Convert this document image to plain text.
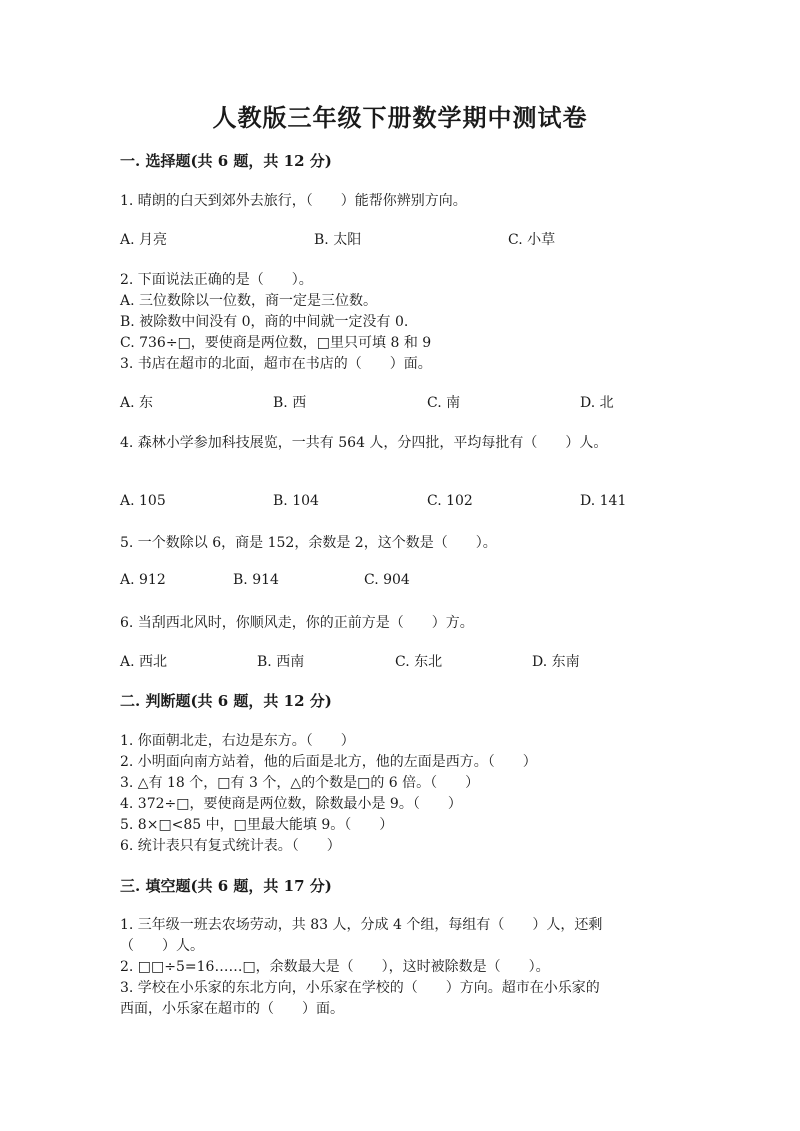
人教版三年级下册数学期中测试卷
一. 选择题(共 6 题，共 12 分)
1. 晴朗的白天到郊外去旅行，（　　）能帮你辨别方向。
A. 月亮	B. 太阳	C. 小草
2. 下面说法正确的是（　　）。
A. 三位数除以一位数，商一定是三位数。
B. 被除数中间没有 0，商的中间就一定没有 0.
C. 736÷□，要使商是两位数，□里只可填 8 和 9
3. 书店在超市的北面，超市在书店的（　　）面。
A. 东	B. 西	C. 南	D. 北
4. 森林小学参加科技展览，一共有 564 人，分四批，平均每批有（　　）人。
A. 105	B. 104	C. 102	D. 141
5. 一个数除以 6，商是 152，余数是 2，这个数是（　　）。
A. 912	B. 914	C. 904
6. 当刮西北风时，你顺风走，你的正前方是（　　）方。
A. 西北	B. 西南	C. 东北	D. 东南
二. 判断题(共 6 题，共 12 分)
1. 你面朝北走，右边是东方。（　　）
2. 小明面向南方站着，他的后面是北方，他的左面是西方。（　　）
3. △有 18 个，□有 3 个，△的个数是□的 6 倍。（　　）
4. 372÷□，要使商是两位数，除数最小是 9。（　　）
5. 8×□<85 中，□里最大能填 9。（　　）
6. 统计表只有复式统计表。（　　）
三. 填空题(共 6 题，共 17 分)
1. 三年级一班去农场劳动，共 83 人，分成 4 个组，每组有（　　）人，还剩
（　　）人。
2. □□÷5=16……□，余数最大是（　　），这时被除数是（　　）。
3. 学校在小乐家的东北方向，小乐家在学校的（　　）方向。超市在小乐家的
西面，小乐家在超市的（　　）面。
